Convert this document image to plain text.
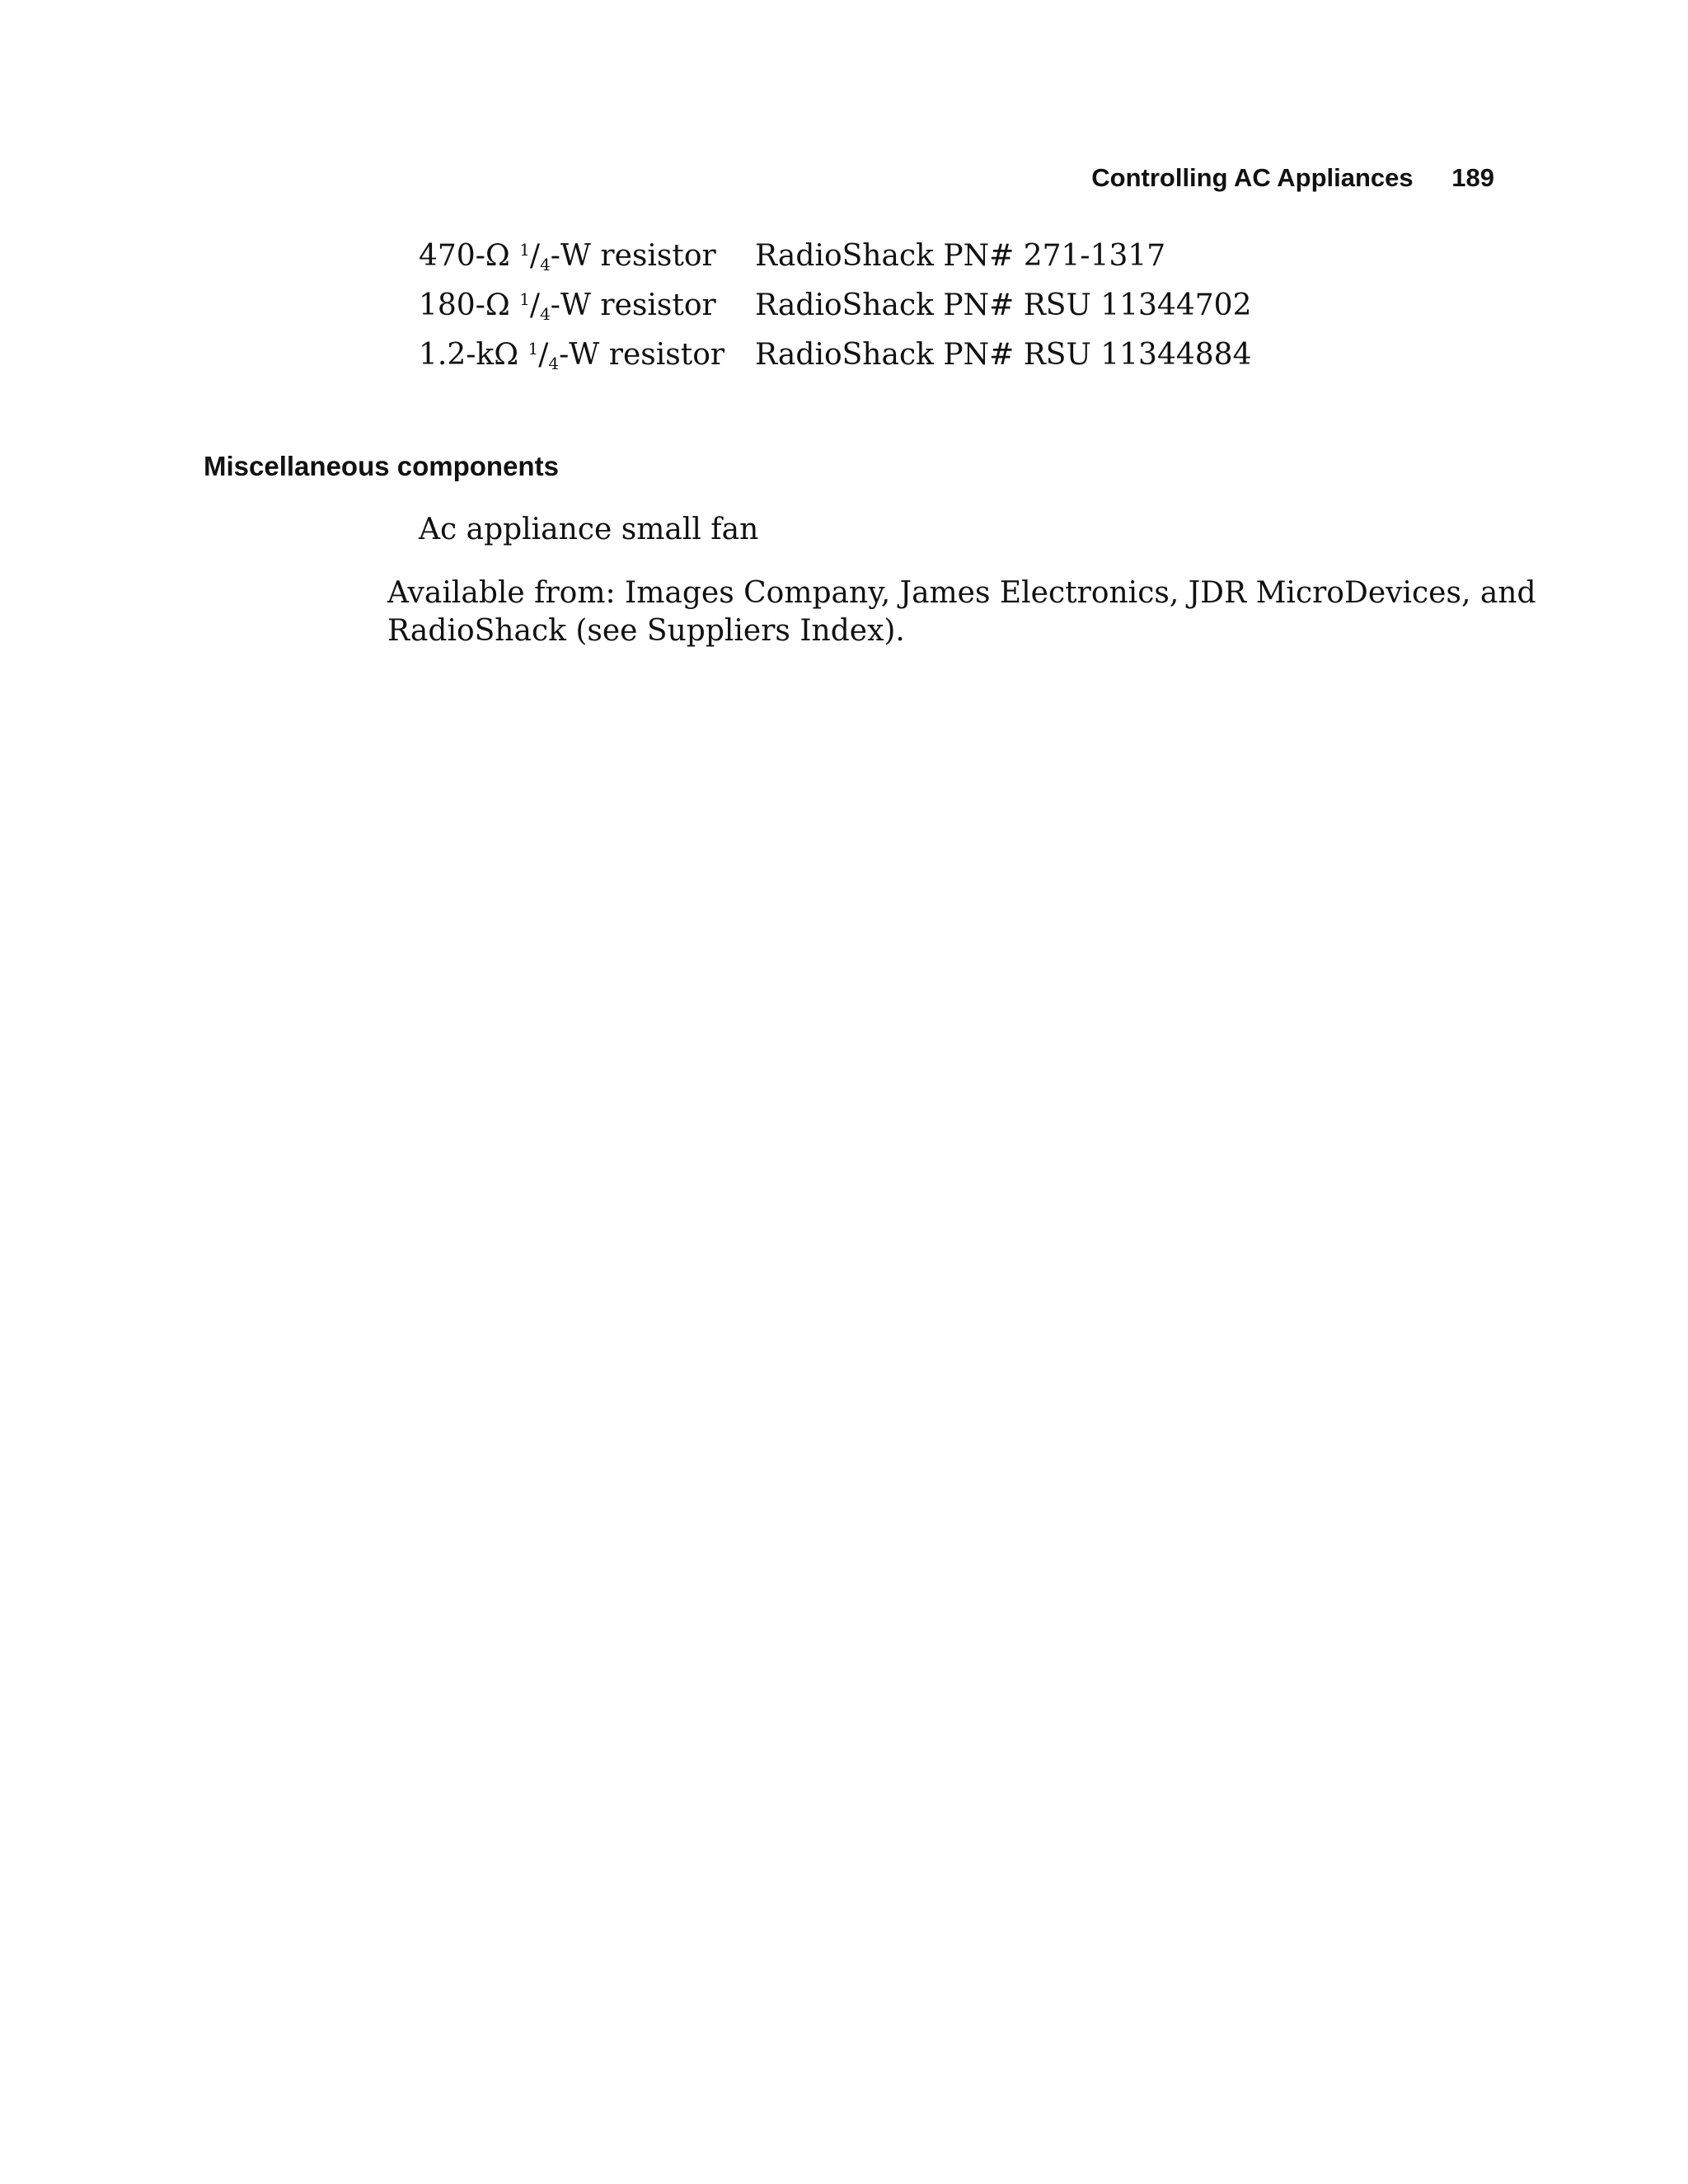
Controlling AC Appliances 189
470-Ω $^1/_4-W$ resistor RadioShack PN# 271-1317
180-Ω $^1/_4-W$ resistor RadioShack PN# RSU 11344702
1.2-kΩ $^1/_4-W$ resistor RadioShack PN# RSU 11344884
Miscellaneous components
Ac appliance small fan
Available from: Images Company, James Electronics, JDR MicroDevices, and
RadioShack (see Suppliers Index).
